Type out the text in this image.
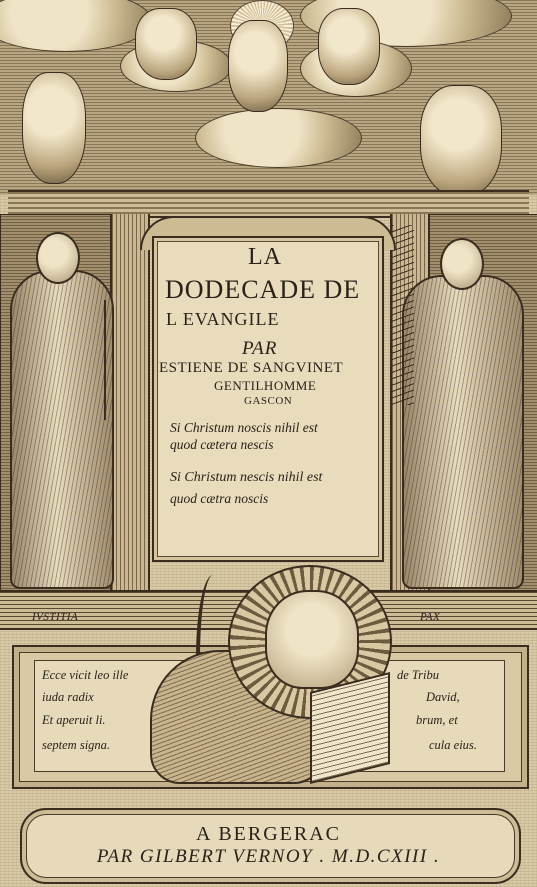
LA
DODECADE DE
L EVANGILE
PAR
ESTIENE DE SANGVINET
GENTILHOMME
GASCON
Si Christum noscis nihil est
quod cætera nescis
Si Christum nescis nihil est
quod cætra noscis
IVSTITIA	PAX
Ecce vicit leo ille	de Tribu
iuda radix	David,
Et aperuit li.	brum, et
septem signa.	cula eius.
A BERGERAC
PAR GILBERT VERNOY . M.D.CXIII .
